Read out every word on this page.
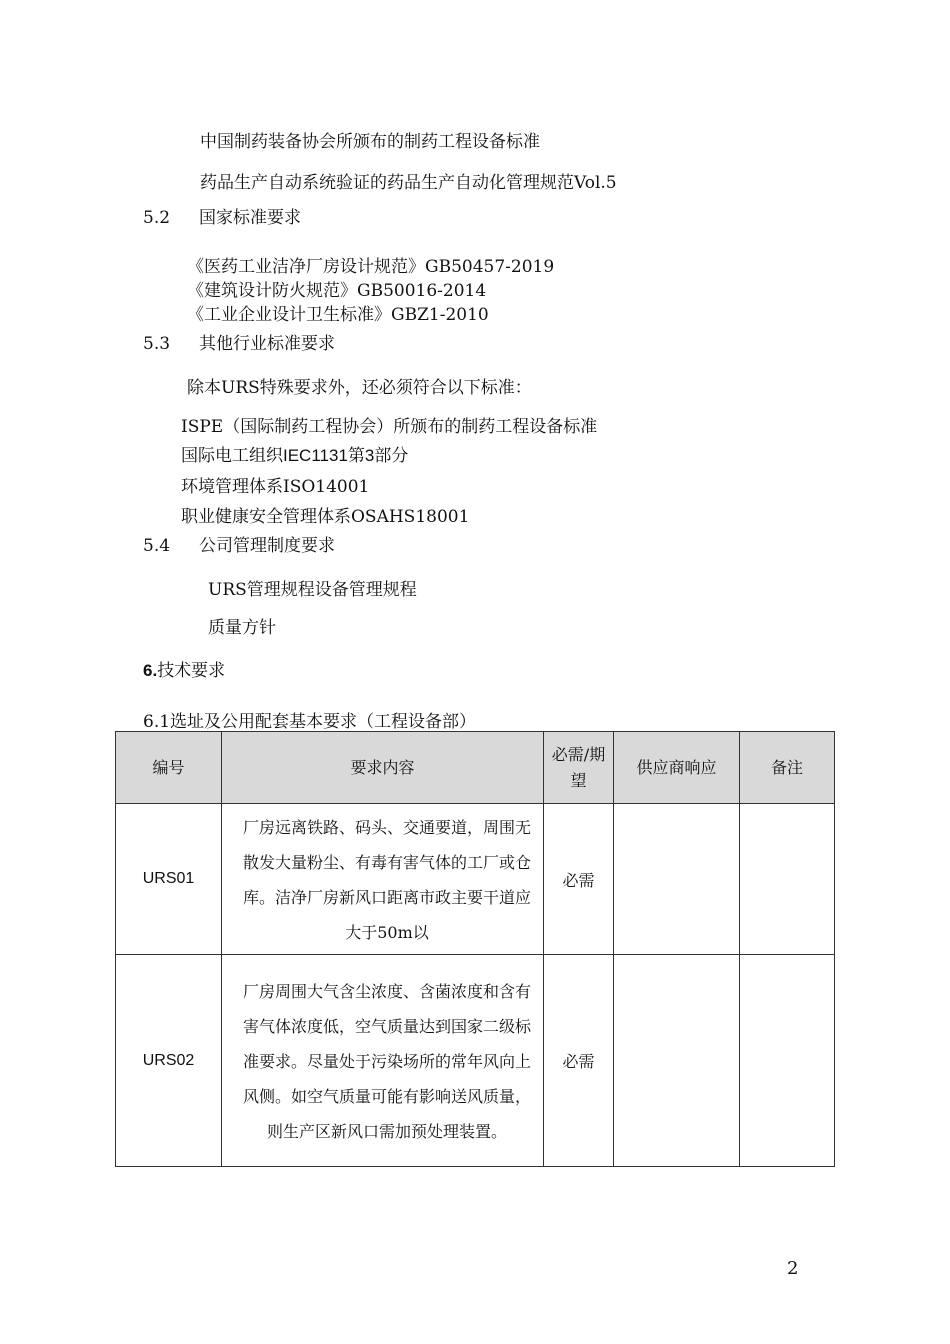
中国制药装备协会所颁布的制药工程设备标准
药品生产自动系统验证的药品生产自动化管理规范Vol.5
5.2 国家标准要求
《医药工业洁净厂房设计规范》GB50457-2019
《建筑设计防火规范》GB50016-2014
《工业企业设计卫生标准》GBZ1-2010
5.3 其他行业标准要求
除本URS特殊要求外，还必须符合以下标准：
ISPE（国际制药工程协会）所颁布的制药工程设备标准
国际电工组织IEC1131第3部分
环境管理体系ISO14001
职业健康安全管理体系OSAHS18001
5.4 公司管理制度要求
URS管理规程设备管理规程
质量方针
6.技术要求
6.1选址及公用配套基本要求（工程设备部）
编号	要求内容	必需/期望	供应商响应	备注
URS01	厂房远离铁路、码头、交通要道，周围无散发大量粉尘、有毒有害气体的工厂或仓库。洁净厂房新风口距离市政主要干道应大于50m以	必需		
URS02	厂房周围大气含尘浓度、含菌浓度和含有害气体浓度低，空气质量达到国家二级标准要求。尽量处于污染场所的常年风向上风侧。如空气质量可能有影响送风质量，则生产区新风口需加预处理装置。	必需		
2
